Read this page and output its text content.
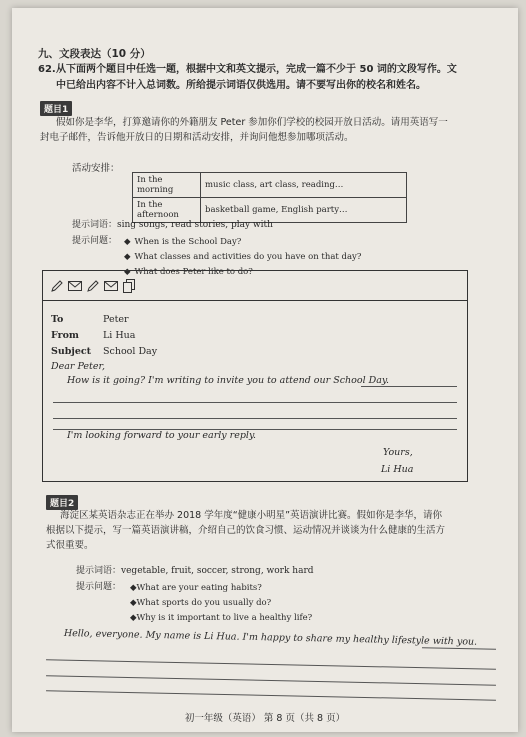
九、文段表达（10 分）
62.从下面两个题目中任选一题，根据中文和英文提示，完成一篇不少于 50 词的文段写作。文
中已给出内容不计入总词数。所给提示词语仅供选用。请不要写出你的校名和姓名。
题目1
假如你是李华，打算邀请你的外籍朋友 Peter 参加你们学校的校园开放日活动。请用英语写一
封电子邮件，告诉他开放日的日期和活动安排，并询问他想参加哪项活动。
活动安排：
In the morning	music class, art class, reading…
In the afternoon	basketball game, English party…
提示词语：sing songs, read stories, play with
提示问题： ◆ When is the School Day?
◆ What classes and activities do you have on that day?
◆ What does Peter like to do?
To	Peter
From	Li Hua
Subject School Day
Dear Peter,
How is it going? I'm writing to invite you to attend our School Day.
I'm looking forward to your early reply.
Yours,
Li Hua
题目2
海淀区某英语杂志正在举办 2018 学年度“健康小明星”英语演讲比赛。假如你是李华，请你
根据以下提示，写一篇英语演讲稿，介绍自己的饮食习惯、运动情况并谈谈为什么健康的生活方
式很重要。
提示词语：vegetable, fruit, soccer, strong, work hard
提示问题： ◆What are your eating habits?
◆What sports do you usually do?
◆Why is it important to live a healthy life?
Hello, everyone. My name is Li Hua. I'm happy to share my healthy lifestyle with you.
初一年级（英语） 第 8 页（共 8 页）
